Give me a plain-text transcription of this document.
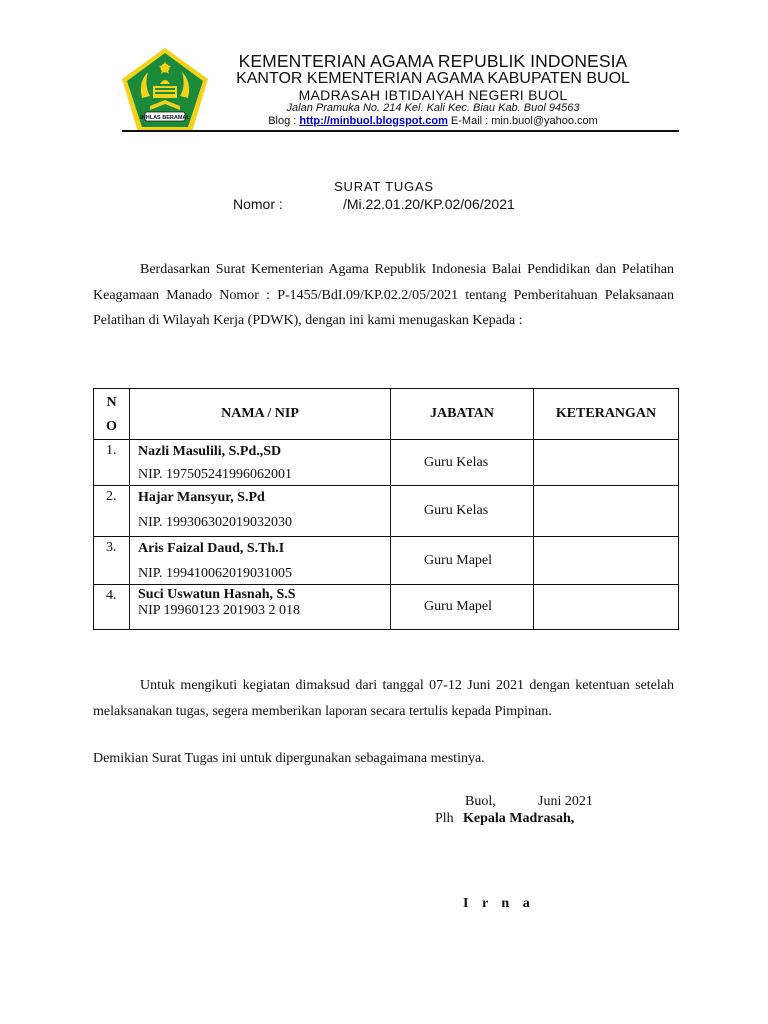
IKHLAS BERAMAL
KEMENTERIAN AGAMA REPUBLIK INDONESIA
KANTOR KEMENTERIAN AGAMA KABUPATEN BUOL
MADRASAH IBTIDAIYAH NEGERI BUOL
Jalan Pramuka No. 214 Kel. Kali Kec. Biau Kab. Buol 94563
Blog : http://minbuol.blogspot.com E-Mail : min.buol@yahoo.com
SURAT TUGAS
Nomor :	/Mi.22.01.20/KP.02/06/2021
Berdasarkan Surat Kementerian Agama Republik Indonesia Balai Pendidikan dan Pelatihan Keagamaan Manado Nomor : P-1455/BdI.09/KP.02.2/05/2021 tentang Pemberitahuan Pelaksanaan Pelatihan di Wilayah Kerja (PDWK), dengan ini kami menugaskan Kepada :
N
O	NAMA / NIP	JABATAN	KETERANGAN
1.	Nazli Masulili, S.Pd.,SD
NIP. 197505241996062001	Guru Kelas	
2.	Hajar Mansyur, S.Pd
NIP. 199306302019032030	Guru Kelas	
3.	Aris Faizal Daud, S.Th.I
NIP. 199410062019031005	Guru Mapel	
4.	Suci Uswatun Hasnah, S.S
NIP 19960123 201903 2 018	Guru Mapel	
Untuk mengikuti kegiatan dimaksud dari tanggal 07-12 Juni 2021 dengan ketentuan setelah melaksanakan tugas, segera memberikan laporan secara tertulis kepada Pimpinan.
Demikian Surat Tugas ini untuk dipergunakan sebagaimana mestinya.
Buol,	Juni 2021
Plh Kepala Madrasah,
I r n a
